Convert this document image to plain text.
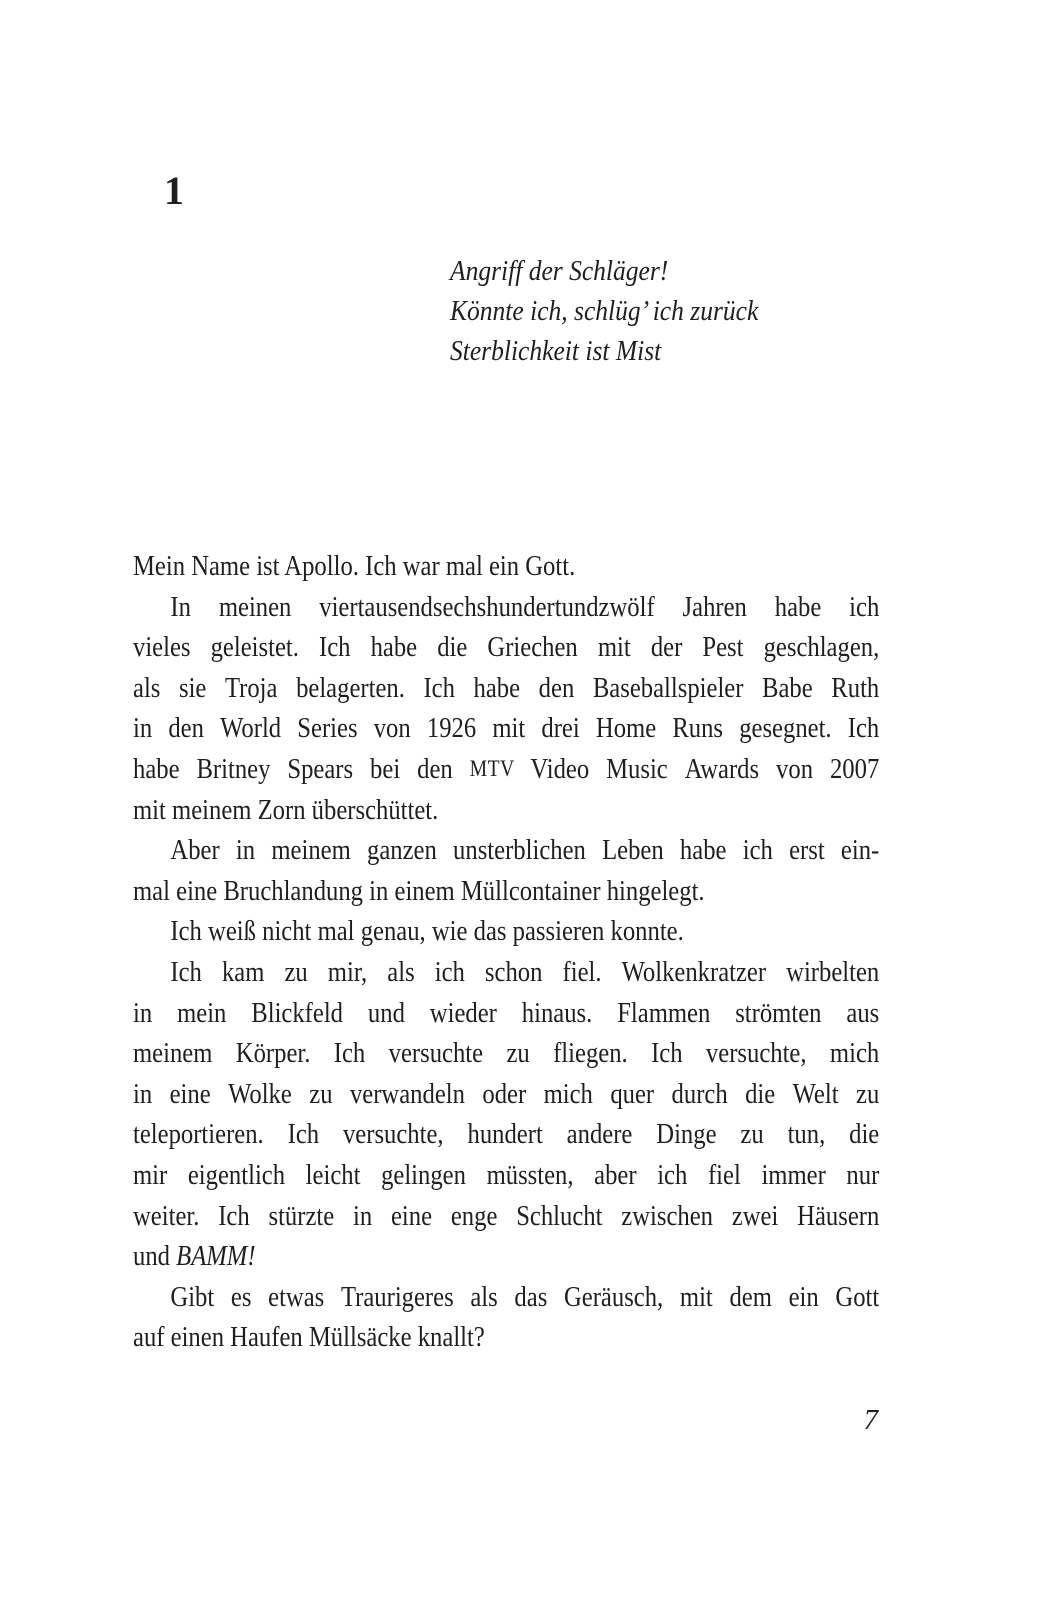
1
Angriff der Schläger!
Könnte ich, schlüg’ ich zurück
Sterblichkeit ist Mist
Mein Name ist Apollo. Ich war mal ein Gott.
In meinen viertausendsechshundertundzwölf Jahren habe ich
vieles geleistet. Ich habe die Griechen mit der Pest geschlagen,
als sie Troja belagerten. Ich habe den Baseballspieler Babe Ruth
in den World Series von 1926 mit drei Home Runs gesegnet. Ich
habe Britney Spears bei den MTV Video Music Awards von 2007
mit meinem Zorn überschüttet.
Aber in meinem ganzen unsterblichen Leben habe ich erst ein-
mal eine Bruchlandung in einem Müllcontainer hingelegt.
Ich weiß nicht mal genau, wie das passieren konnte.
Ich kam zu mir, als ich schon fiel. Wolkenkratzer wirbelten
in mein Blickfeld und wieder hinaus. Flammen strömten aus
meinem Körper. Ich versuchte zu fliegen. Ich versuchte, mich
in eine Wolke zu verwandeln oder mich quer durch die Welt zu
teleportieren. Ich versuchte, hundert andere Dinge zu tun, die
mir eigentlich leicht gelingen müssten, aber ich fiel immer nur
weiter. Ich stürzte in eine enge Schlucht zwischen zwei Häusern
und BAMM!
Gibt es etwas Traurigeres als das Geräusch, mit dem ein Gott
auf einen Haufen Müllsäcke knallt?
7
